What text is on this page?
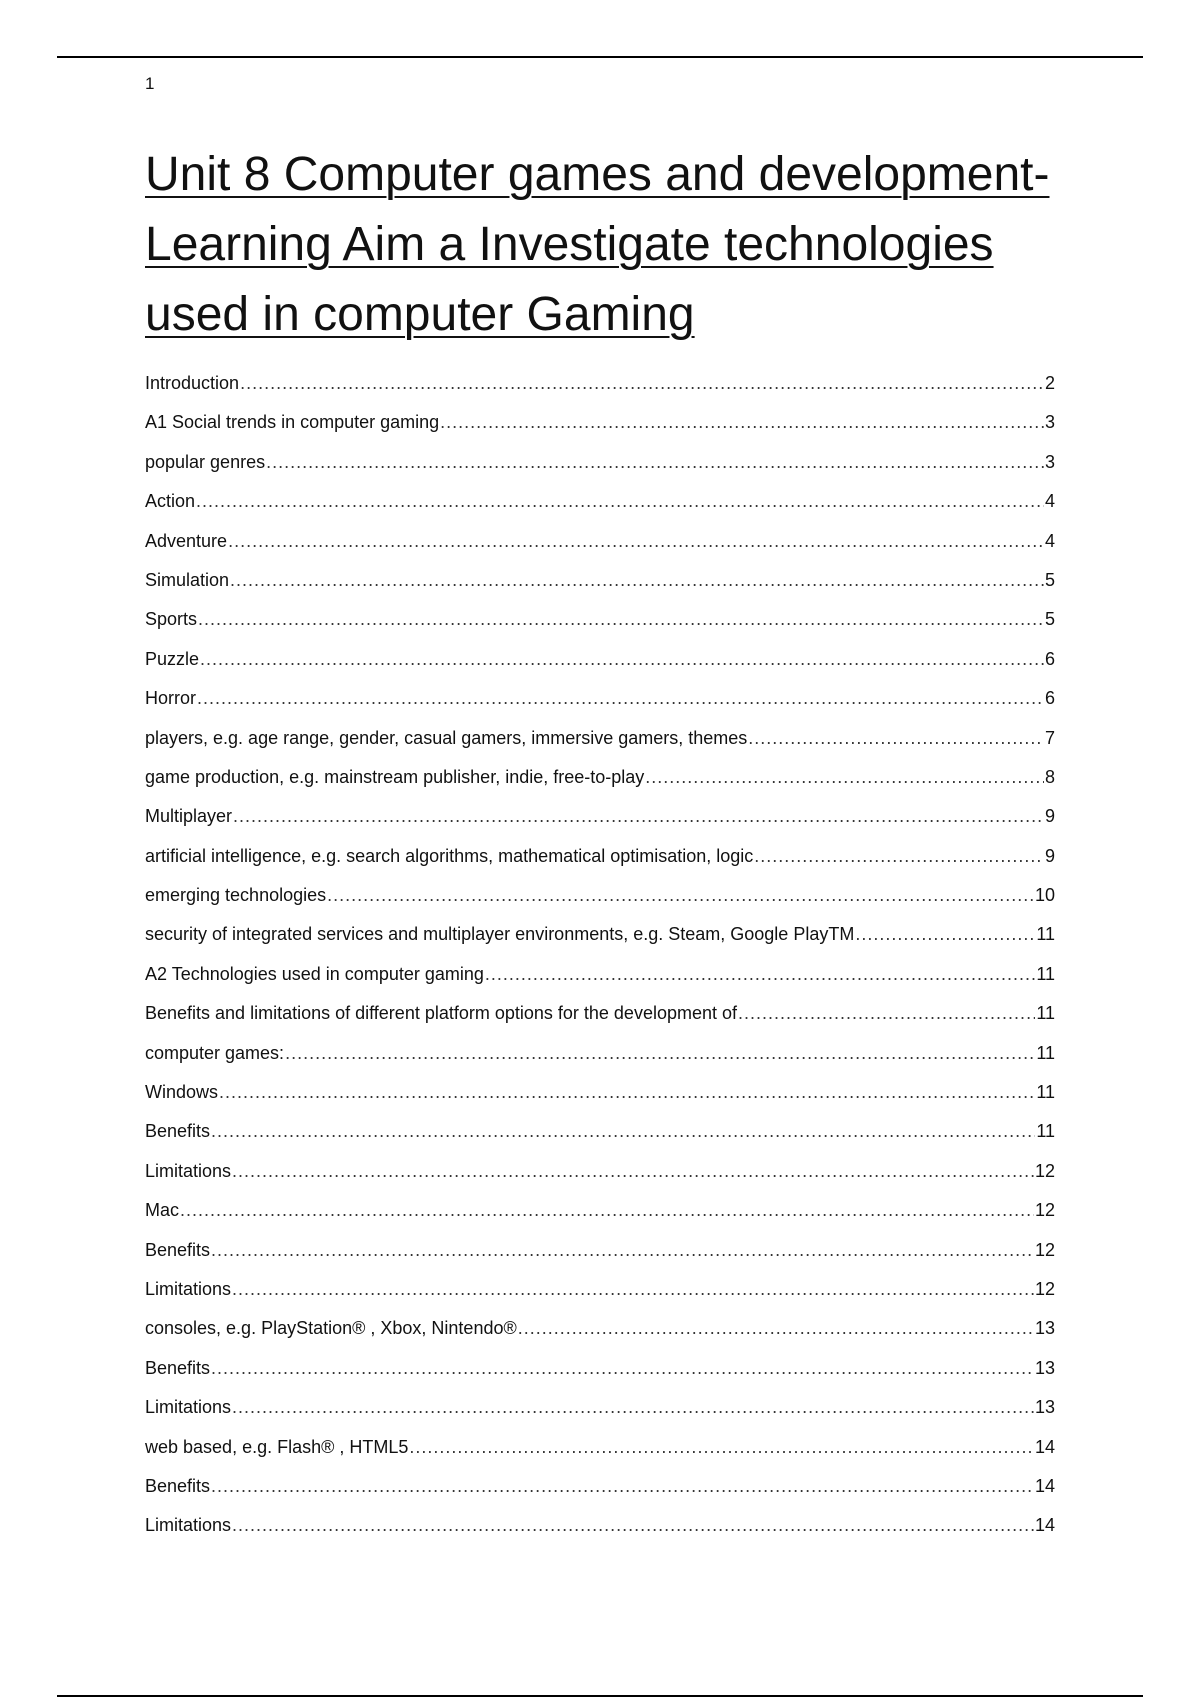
1
Unit 8 Computer games and development- Learning Aim a Investigate technologies used in computer Gaming
Introduction .....	2
A1 Social trends in computer gaming .....	3
popular genres .....	3
Action .....	4
Adventure .....	4
Simulation .....	5
Sports .....	5
Puzzle .....	6
Horror .....	6
players, e.g. age range, gender, casual gamers, immersive gamers, themes .....	7
game production, e.g. mainstream publisher, indie, free-to-play .....	8
Multiplayer .....	9
artificial intelligence, e.g. search algorithms, mathematical optimisation, logic .....	9
emerging technologies .....	10
security of integrated services and multiplayer environments, e.g. Steam, Google PlayTM .....	11
A2 Technologies used in computer gaming .....	11
Benefits and limitations of different platform options for the development of .....	11
computer games: .....	11
Windows .....	11
Benefits .....	11
Limitations .....	12
Mac .....	12
Benefits .....	12
Limitations .....	12
consoles, e.g. PlayStation® , Xbox, Nintendo® .....	13
Benefits .....	13
Limitations .....	13
web based, e.g. Flash® , HTML5 .....	14
Benefits .....	14
Limitations .....	14
